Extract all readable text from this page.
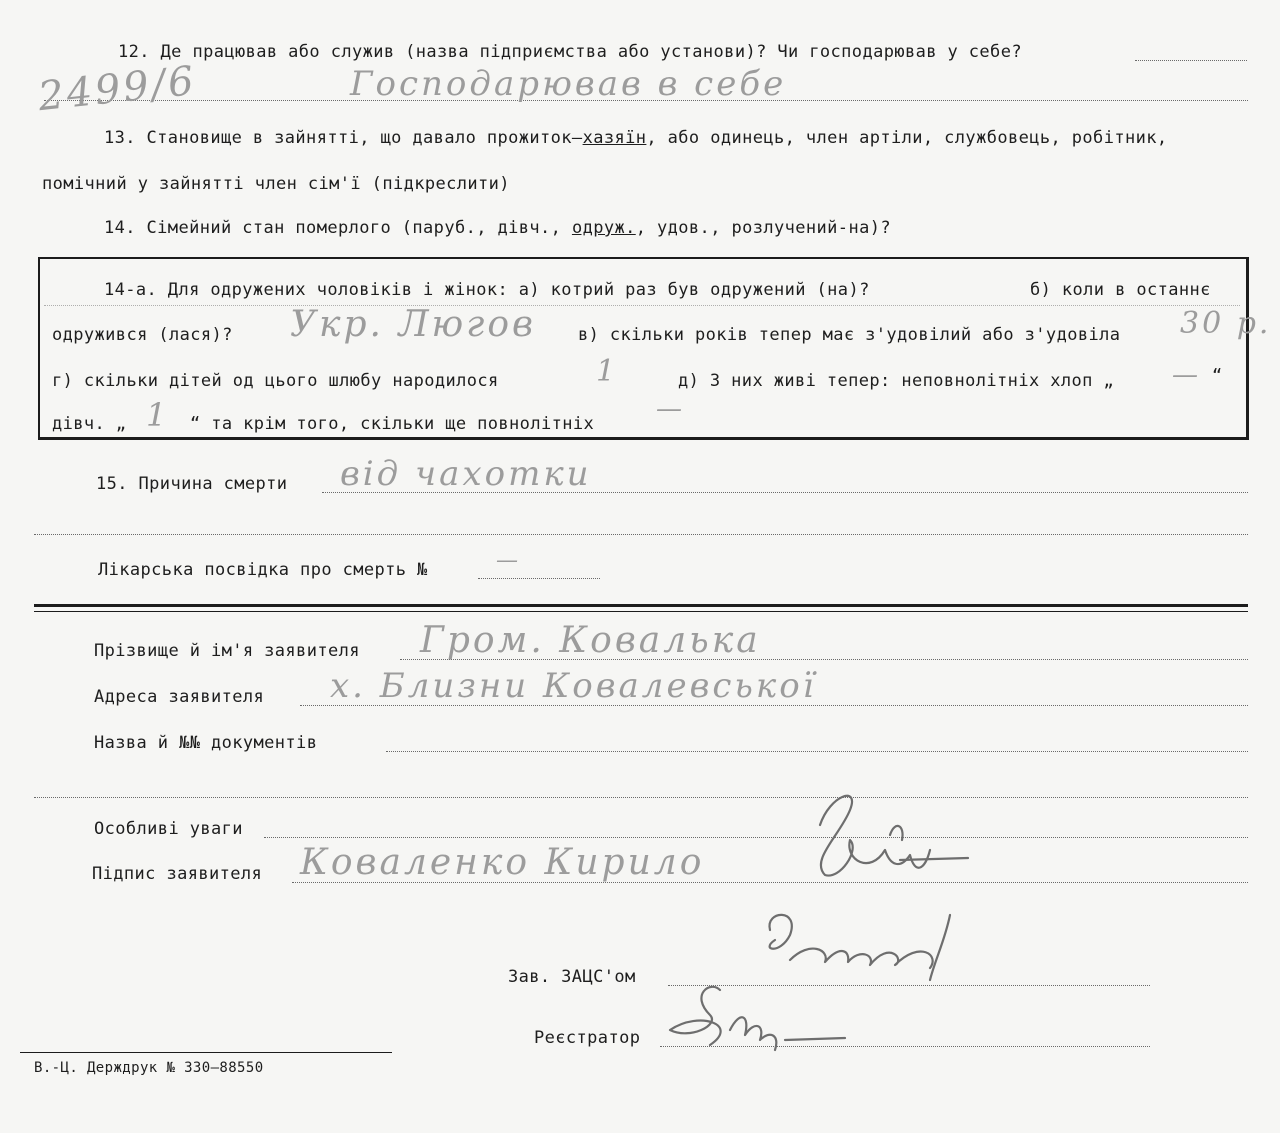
12. Де працював або служив (назва підприємства або установи)? Чи господарював у себе?
2499/6	Господарював в себе
13. Становище в зайнятті, що давало прожиток—хазяїн, або одинець, член артіли, службовець, робітник,
помічний у зайнятті член сім'ї (підкреслити)
14. Сімейний стан померлого (паруб., дівч., одруж., удов., розлучений-на)?
14-а. Для одружених чоловіків і жінок: а) котрий раз був одружений (на)?	б) коли в останнє
одружився (лася)? Укр. Люгов в) скільки років тепер має з'удовілий або з'удовіла 30 р.
г) скільки дітей од цього шлюбу народилося	1	д) З них живі тепер: неповнолітніх хлоп „ — “
дівч. „ 1 “ та крім того, скільки ще повнолітніх —
15. Причина смерти від чахотки
Лікарська посвідка про смерть №	—
Прізвище й ім'я заявителя Гром. Ковалька
Адреса заявителя х. Близни Ковалевської
Назва й №№ документів
Особливі уваги
Підпис заявителя Коваленко Кирило
Зав. ЗАЦС'ом
Реєстратор
В.-Ц. Держдрук № 330—88550
